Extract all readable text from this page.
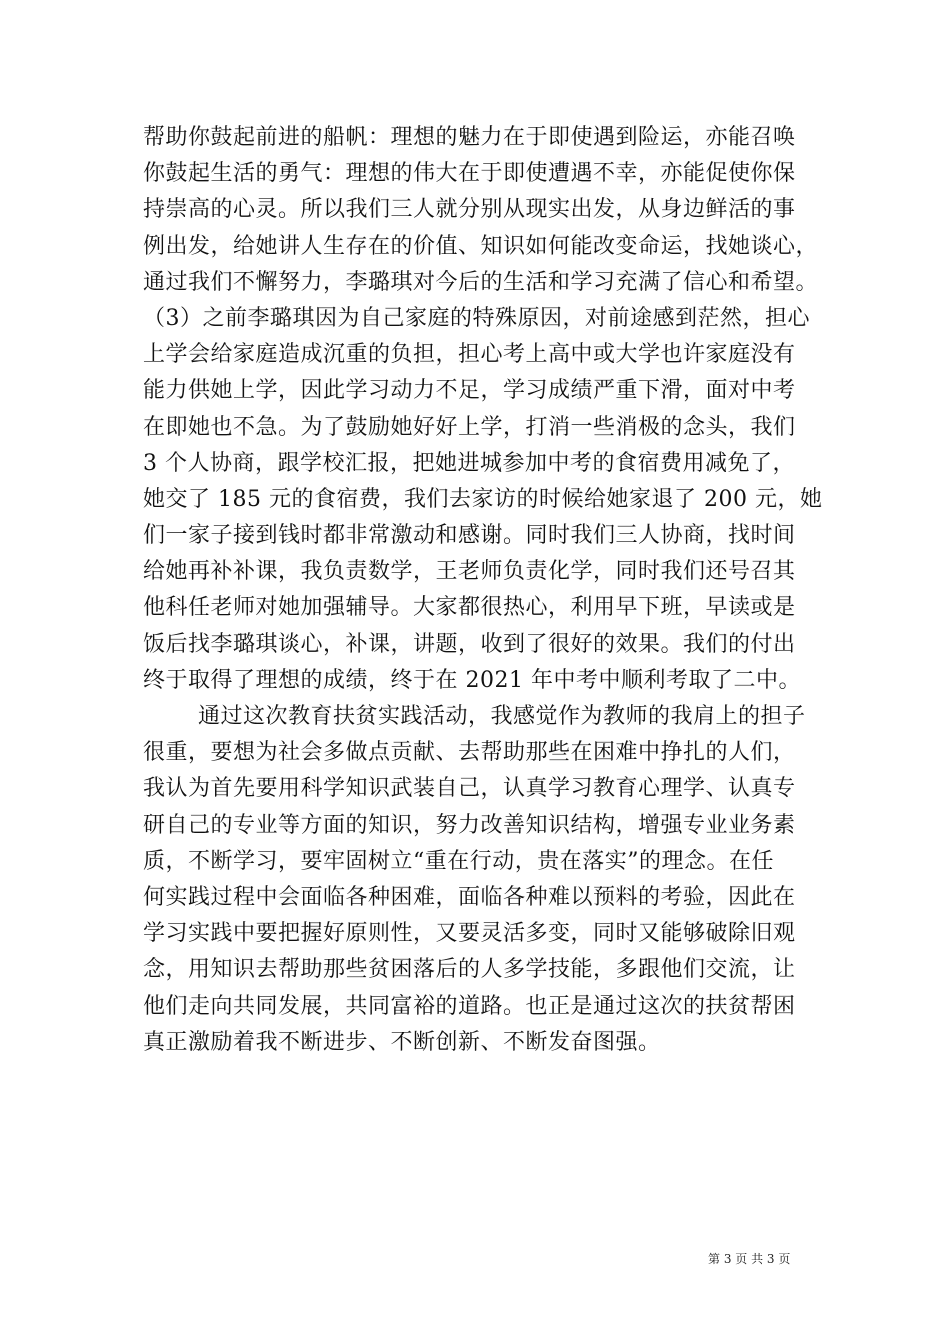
帮助你鼓起前进的船帆：理想的魅力在于即使遇到险运，亦能召唤
你鼓起生活的勇气：理想的伟大在于即使遭遇不幸，亦能促使你保
持崇高的心灵。所以我们三人就分别从现实出发，从身边鲜活的事
例出发，给她讲人生存在的价值、知识如何能改变命运，找她谈心，
通过我们不懈努力，李璐琪对今后的生活和学习充满了信心和希望。
（3）之前李璐琪因为自己家庭的特殊原因，对前途感到茫然，担心
上学会给家庭造成沉重的负担，担心考上高中或大学也许家庭没有
能力供她上学，因此学习动力不足，学习成绩严重下滑，面对中考
在即她也不急。为了鼓励她好好上学，打消一些消极的念头，我们
3 个人协商，跟学校汇报，把她进城参加中考的食宿费用减免了，
她交了 185 元的食宿费，我们去家访的时候给她家退了 200 元，她
们一家子接到钱时都非常激动和感谢。同时我们三人协商，找时间
给她再补补课，我负责数学，王老师负责化学，同时我们还号召其
他科任老师对她加强辅导。大家都很热心，利用早下班，早读或是
饭后找李璐琪谈心，补课，讲题，收到了很好的效果。我们的付出
终于取得了理想的成绩，终于在 2021 年中考中顺利考取了二中。
通过这次教育扶贫实践活动，我感觉作为教师的我肩上的担子
很重，要想为社会多做点贡献、去帮助那些在困难中挣扎的人们，
我认为首先要用科学知识武装自己，认真学习教育心理学、认真专
研自己的专业等方面的知识，努力改善知识结构，增强专业业务素
质，不断学习，要牢固树立“重在行动，贵在落实”的理念。在任
何实践过程中会面临各种困难，面临各种难以预料的考验，因此在
学习实践中要把握好原则性，又要灵活多变，同时又能够破除旧观
念，用知识去帮助那些贫困落后的人多学技能，多跟他们交流，让
他们走向共同发展，共同富裕的道路。也正是通过这次的扶贫帮困
真正激励着我不断进步、不断创新、不断发奋图强。
第 3 页 共 3 页
